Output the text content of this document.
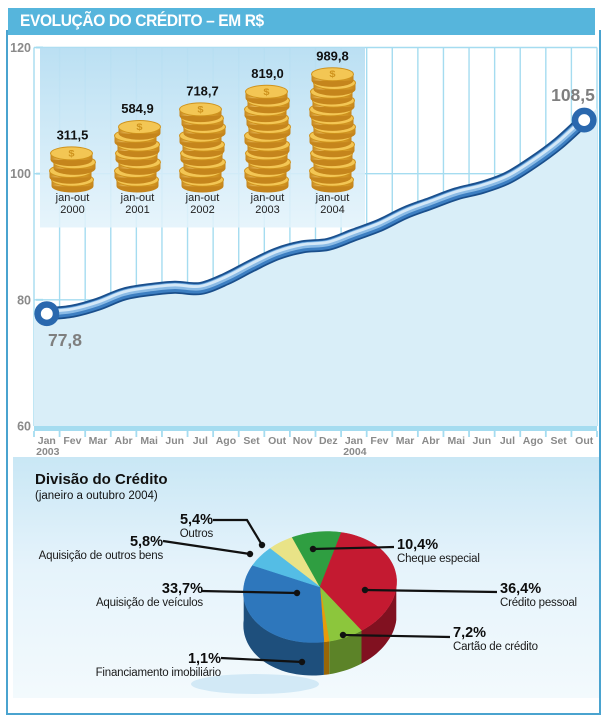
EVOLUÇÃO DO CRÉDITO – EM R$
60
80
100
120
$
311,5
jan-out
2000
$
584,9
jan-out
2001
$
718,7
jan-out
2002
$
819,0
jan-out
2003
$
989,8
jan-out
2004
77,8
108,5
Jan Fev Mar Abr Mai Jun Jul Ago Set Out Nov Dez Jan Fev Mar Abr Mai Jun Jul Ago Set Out
2003	2004
Divisão do Crédito
(janeiro a outubro 2004)
5,4%
Outros
5,8%
Aquisição de outros bens
33,7%
Aquisição de veículos
1,1%
Financiamento imobiliário
10,4%
Cheque especial
36,4%
Crédito pessoal
7,2%
Cartão de crédito
